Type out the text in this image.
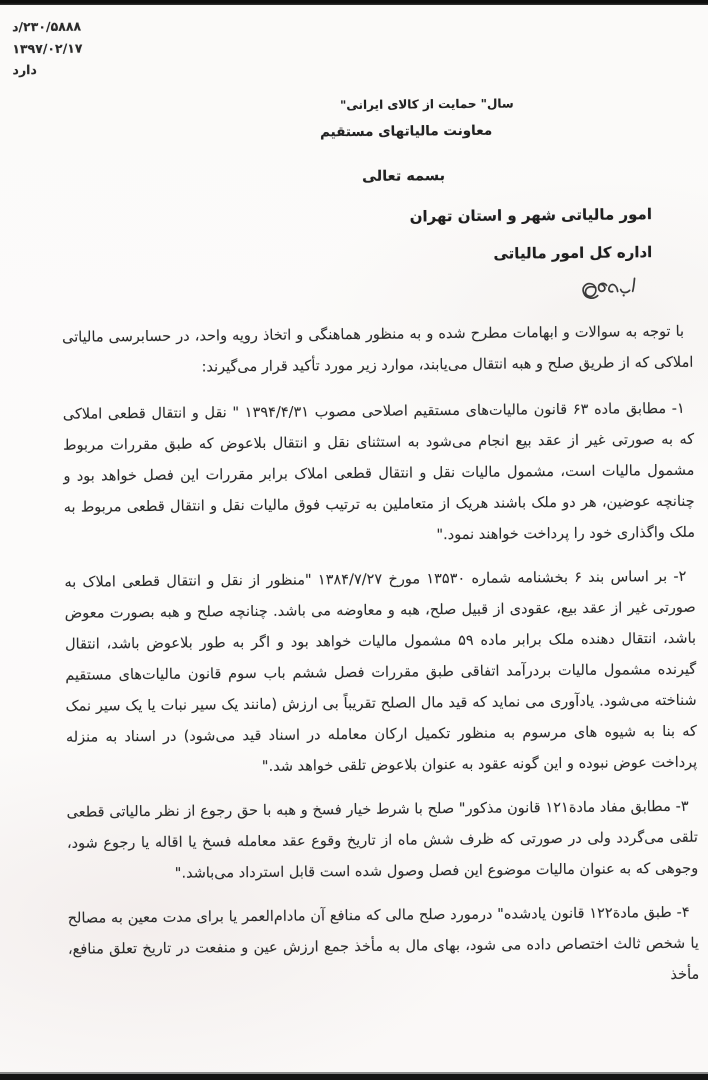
۲۳۰/۵۸۸۸/د
۱۳۹۷/۰۲/۱۷
دارد
سال" حمایت از کالای ایرانی"
معاونت مالیاتهای مستقیم
بسمه تعالی
امور مالیاتی شهر و استان تهران
اداره کل امور مالیاتی

با توجه به سوالات و ابهامات مطرح شده و به منظور هماهنگی و اتخاذ رویه واحد، در حسابرسی مالیاتی املاکی که از طریق صلح و هبه انتقال می‌یابند، موارد زیر مورد تأکید قرار می‌گیرند:

۱- مطابق ماده ۶۳ قانون مالیات‌های مستقیم اصلاحی مصوب ۱۳۹۴/۴/۳۱ " نقل و انتقال قطعی املاکی که به صورتی غیر از عقد بیع انجام می‌شود به استثنای نقل و انتقال بلاعوض که طبق مقررات مربوط مشمول مالیات است، مشمول مالیات نقل و انتقال قطعی املاک برابر مقررات این فصل خواهد بود و چنانچه عوضین، هر دو ملک باشند هریک از متعاملین به ترتیب فوق مالیات نقل و انتقال قطعی مربوط به ملک واگذاری خود را پرداخت خواهند نمود."

۲- بر اساس بند ۶ بخشنامه شماره ۱۳۵۳۰ مورخ ۱۳۸۴/۷/۲۷ "منظور از نقل و انتقال قطعی املاک به صورتی غیر از عقد بیع، عقودی از قبیل صلح، هبه و معاوضه می باشد. چنانچه صلح و هبه بصورت معوض باشد، انتقال دهنده ملک برابر ماده ۵۹ مشمول مالیات خواهد بود و اگر به طور بلاعوض باشد، انتقال گیرنده مشمول مالیات بردرآمد اتفاقی طبق مقررات فصل ششم باب سوم قانون مالیات‌های مستقیم شناخته می‌شود. یادآوری می نماید که قید مال الصلح تقریباً بی ارزش (مانند یک سیر نبات یا یک سیر نمک که بنا به شیوه های مرسوم به منظور تکمیل ارکان معامله در اسناد قید می‌شود) در اسناد به منزله پرداخت عوض نبوده و این گونه عقود به عنوان بلاعوض تلقی خواهد شد."

۳- مطابق مفاد مادة۱۲۱ قانون مذکور" صلح با شرط خیار فسخ و هبه با حق رجوع از نظر مالیاتی قطعی تلقی می‌گردد ولی در صورتی که ظرف شش ماه از تاریخ وقوع عقد معامله فسخ یا اقاله یا رجوع شود، وجوهی که به عنوان مالیات موضوع این فصل وصول شده است قابل استرداد می‌باشد."

۴- طبق مادة۱۲۲ قانون یادشده" درمورد صلح مالی که منافع آن مادام‌العمر یا برای مدت معین به مصالح یا شخص ثالث اختصاص داده می شود، بهای مال به مأخذ جمع ارزش عین و منفعت در تاریخ تعلق منافع، مأخذ
